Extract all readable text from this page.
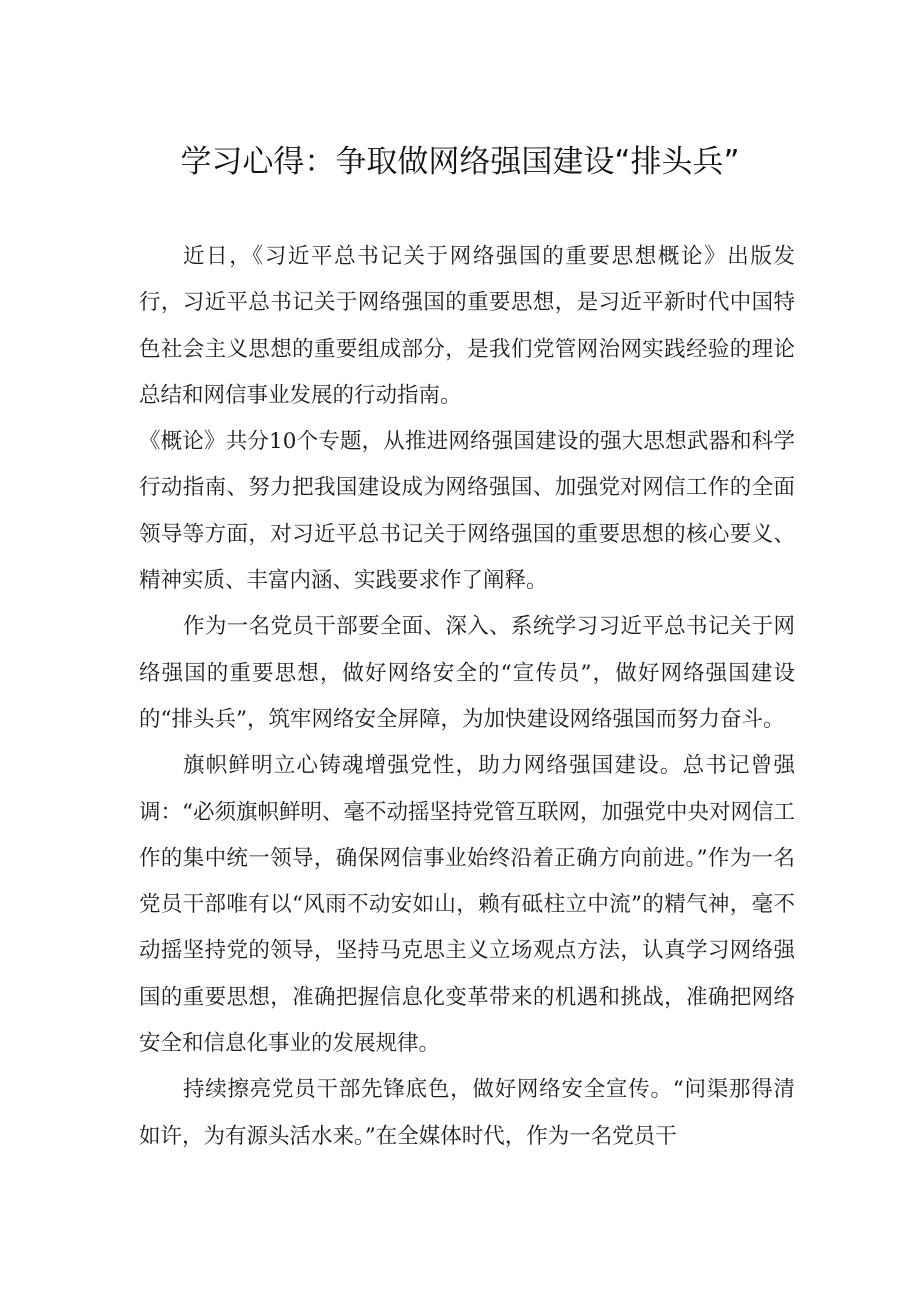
学习心得：争取做网络强国建设“排头兵”

近日，《习近平总书记关于网络强国的重要思想概论》出版发行，习近平总书记关于网络强国的重要思想，是习近平新时代中国特色社会主义思想的重要组成部分，是我们党管网治网实践经验的理论总结和网信事业发展的行动指南。

《概论》共分10个专题，从推进网络强国建设的强大思想武器和科学行动指南、努力把我国建设成为网络强国、加强党对网信工作的全面领导等方面，对习近平总书记关于网络强国的重要思想的核心要义、精神实质、丰富内涵、实践要求作了阐释。

作为一名党员干部要全面、深入、系统学习习近平总书记关于网络强国的重要思想，做好网络安全的“宣传员”，做好网络强国建设的“排头兵”，筑牢网络安全屏障，为加快建设网络强国而努力奋斗。

旗帜鲜明立心铸魂增强党性，助力网络强国建设。总书记曾强调：“必须旗帜鲜明、毫不动摇坚持党管互联网，加强党中央对网信工作的集中统一领导，确保网信事业始终沿着正确方向前进。”作为一名党员干部唯有以“风雨不动安如山，赖有砥柱立中流”的精气神，毫不动摇坚持党的领导，坚持马克思主义立场观点方法，认真学习网络强国的重要思想，准确把握信息化变革带来的机遇和挑战，准确把网络安全和信息化事业的发展规律。

持续擦亮党员干部先锋底色，做好网络安全宣传。“问渠那得清如许，为有源头活水来。”在全媒体时代，作为一名党员干
